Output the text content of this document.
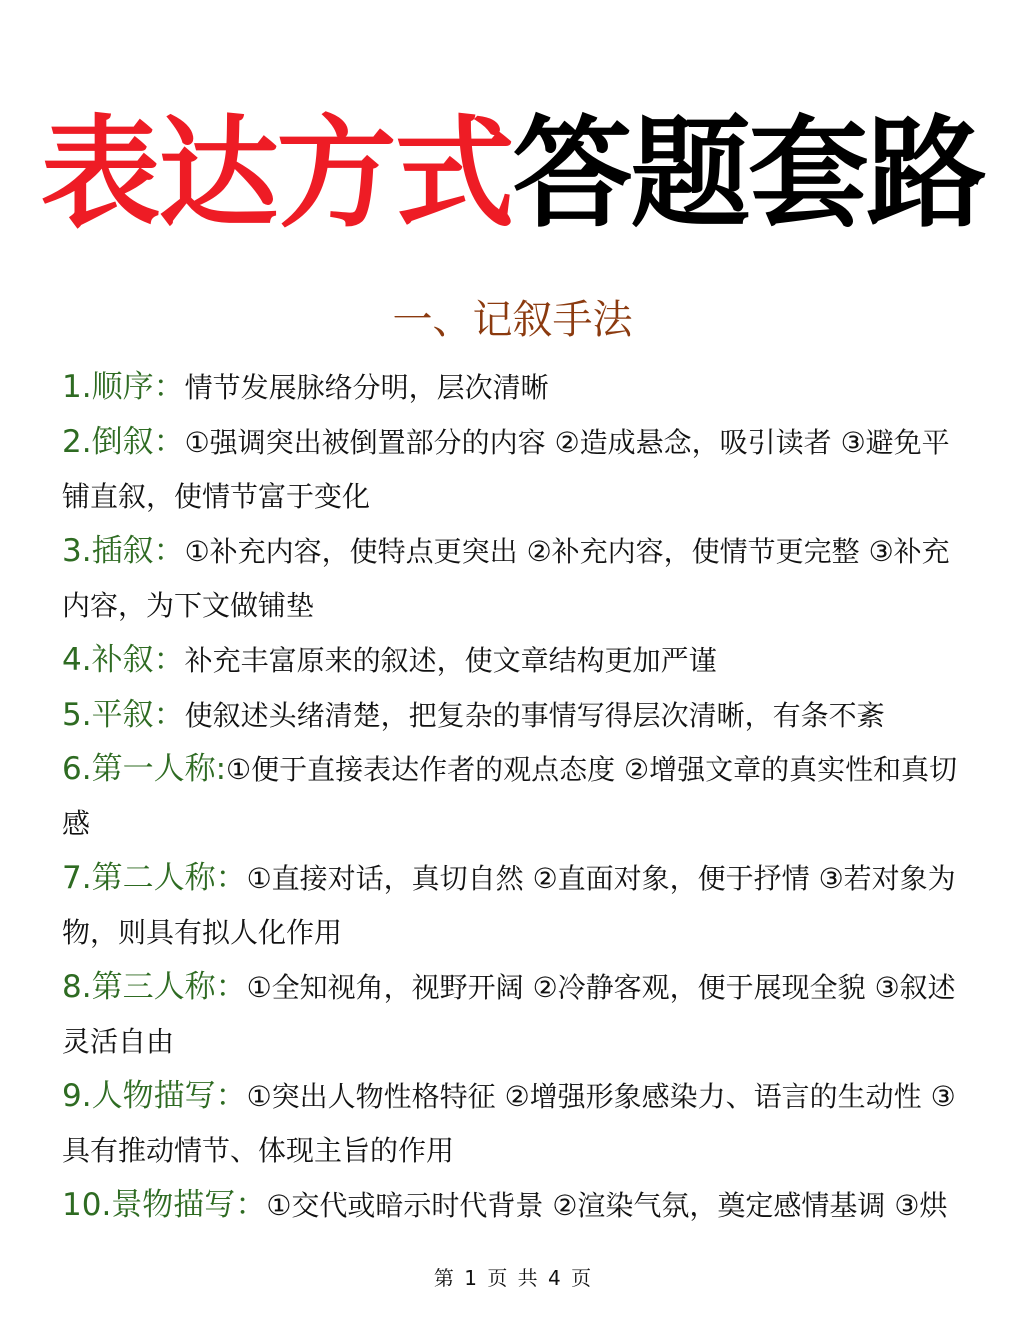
表达方式答题套路
一、记叙手法
1.顺序：情节发展脉络分明，层次清晰
2.倒叙：①强调突出被倒置部分的内容 ②造成悬念，吸引读者 ③避免平铺直叙，使情节富于变化
3.插叙：①补充内容，使特点更突出 ②补充内容，使情节更完整 ③补充内容，为下文做铺垫
4.补叙：补充丰富原来的叙述，使文章结构更加严谨
5.平叙：使叙述头绪清楚，把复杂的事情写得层次清晰，有条不紊
6.第一人称:①便于直接表达作者的观点态度 ②增强文章的真实性和真切感
7.第二人称：①直接对话，真切自然 ②直面对象，便于抒情 ③若对象为物，则具有拟人化作用
8.第三人称：①全知视角，视野开阔 ②冷静客观，便于展现全貌 ③叙述灵活自由
9.人物描写：①突出人物性格特征 ②增强形象感染力、语言的生动性 ③具有推动情节、体现主旨的作用
10.景物描写：①交代或暗示时代背景 ②渲染气氛，奠定感情基调 ③烘
第 1 页 共 4 页
